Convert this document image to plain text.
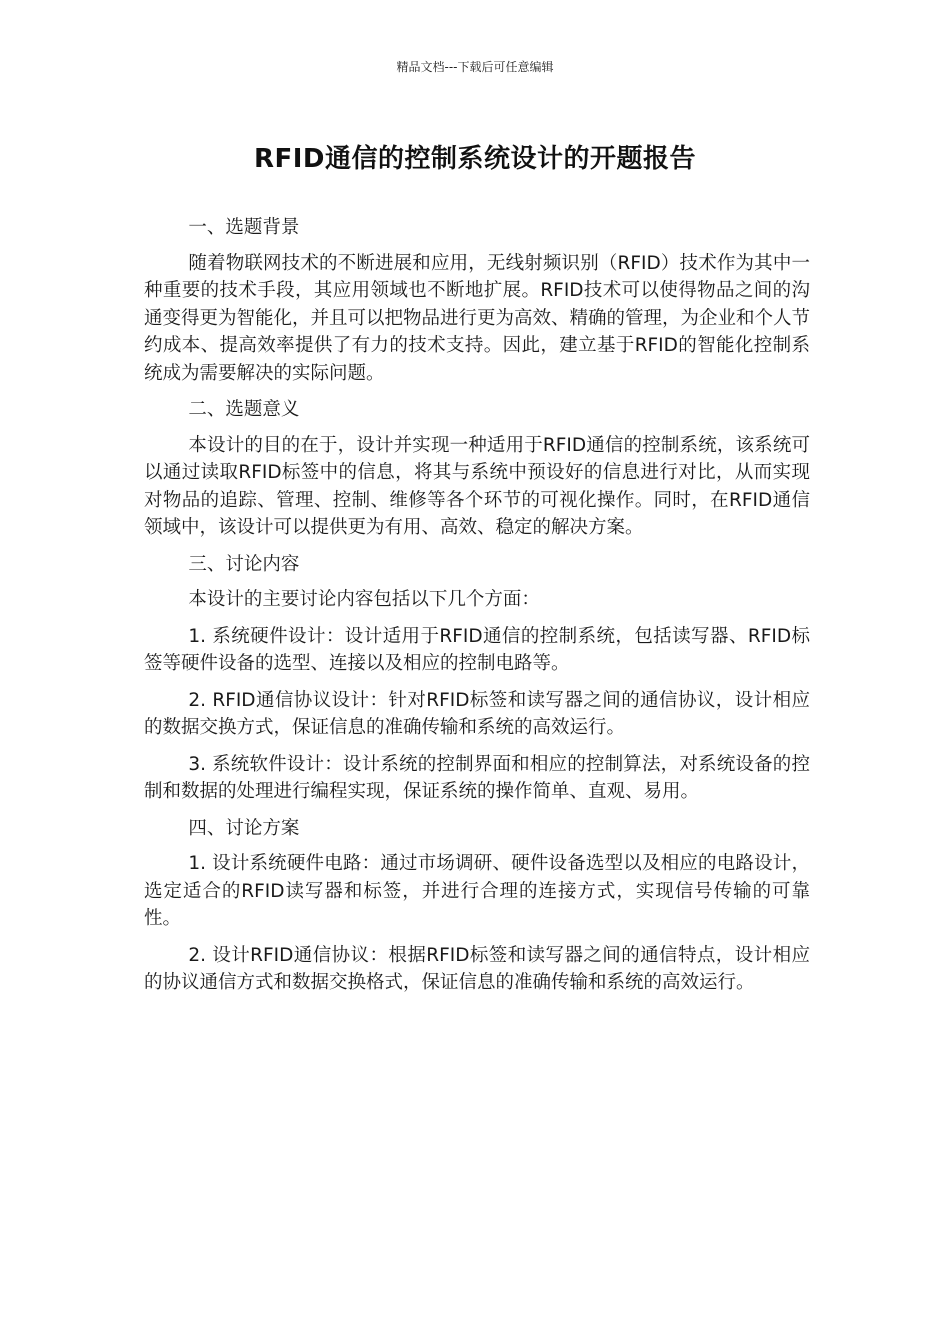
精品文档---下载后可任意编辑
RFID通信的控制系统设计的开题报告

一、选题背景

随着物联网技术的不断进展和应用，无线射频识别（RFID）技术作为其中一种重要的技术手段，其应用领域也不断地扩展。RFID技术可以使得物品之间的沟通变得更为智能化，并且可以把物品进行更为高效、精确的管理，为企业和个人节约成本、提高效率提供了有力的技术支持。因此，建立基于RFID的智能化控制系统成为需要解决的实际问题。

二、选题意义

本设计的目的在于，设计并实现一种适用于RFID通信的控制系统，该系统可以通过读取RFID标签中的信息，将其与系统中预设好的信息进行对比，从而实现对物品的追踪、管理、控制、维修等各个环节的可视化操作。同时，在RFID通信领域中，该设计可以提供更为有用、高效、稳定的解决方案。

三、讨论内容

本设计的主要讨论内容包括以下几个方面：

1. 系统硬件设计：设计适用于RFID通信的控制系统，包括读写器、RFID标签等硬件设备的选型、连接以及相应的控制电路等。

2. RFID通信协议设计：针对RFID标签和读写器之间的通信协议，设计相应的数据交换方式，保证信息的准确传输和系统的高效运行。

3. 系统软件设计：设计系统的控制界面和相应的控制算法，对系统设备的控制和数据的处理进行编程实现，保证系统的操作简单、直观、易用。

四、讨论方案

1. 设计系统硬件电路：通过市场调研、硬件设备选型以及相应的电路设计，选定适合的RFID读写器和标签，并进行合理的连接方式，实现信号传输的可靠性。

2. 设计RFID通信协议：根据RFID标签和读写器之间的通信特点，设计相应的协议通信方式和数据交换格式，保证信息的准确传输和系统的高效运行。
